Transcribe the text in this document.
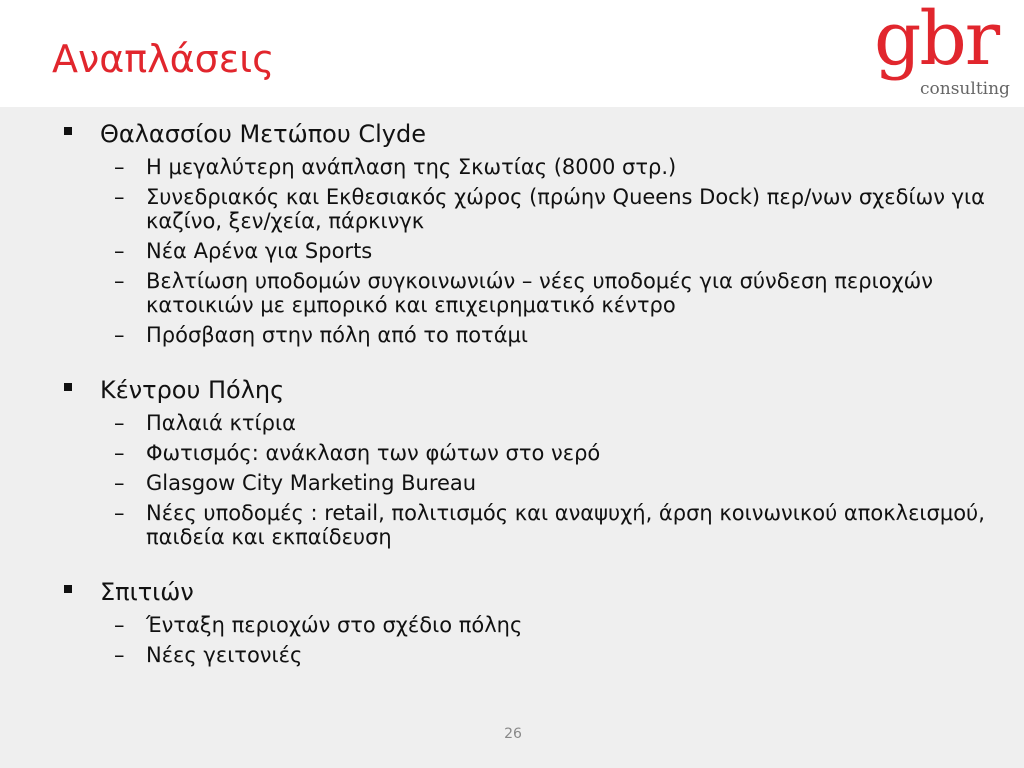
Αναπλάσεις	gbr
consulting
Θαλασσίου Μετώπου Clyde
–	Η μεγαλύτερη ανάπλαση της Σκωτίας (8000 στρ.)
–	Συνεδριακός και Εκθεσιακός χώρος (πρώην Queens Dock) περ/νων σχεδίων για καζίνο, ξεν/χεία, πάρκινγκ
–	Νέα Αρένα για Sports
–	Βελτίωση υποδομών συγκοινωνιών – νέες υποδομές για σύνδεση περιοχών κατοικιών με εμπορικό και επιχειρηματικό κέντρο
–	Πρόσβαση στην πόλη από το ποτάμι
Κέντρου Πόλης
–	Παλαιά κτίρια
–	Φωτισμός: ανάκλαση των φώτων στο νερό
–	Glasgow City Marketing Bureau
–	Νέες υποδομές : retail, πολιτισμός και αναψυχή, άρση κοινωνικού αποκλεισμού, παιδεία και εκπαίδευση
Σπιτιών
–	Ένταξη περιοχών στο σχέδιο πόλης
–	Νέες γειτονιές
26
